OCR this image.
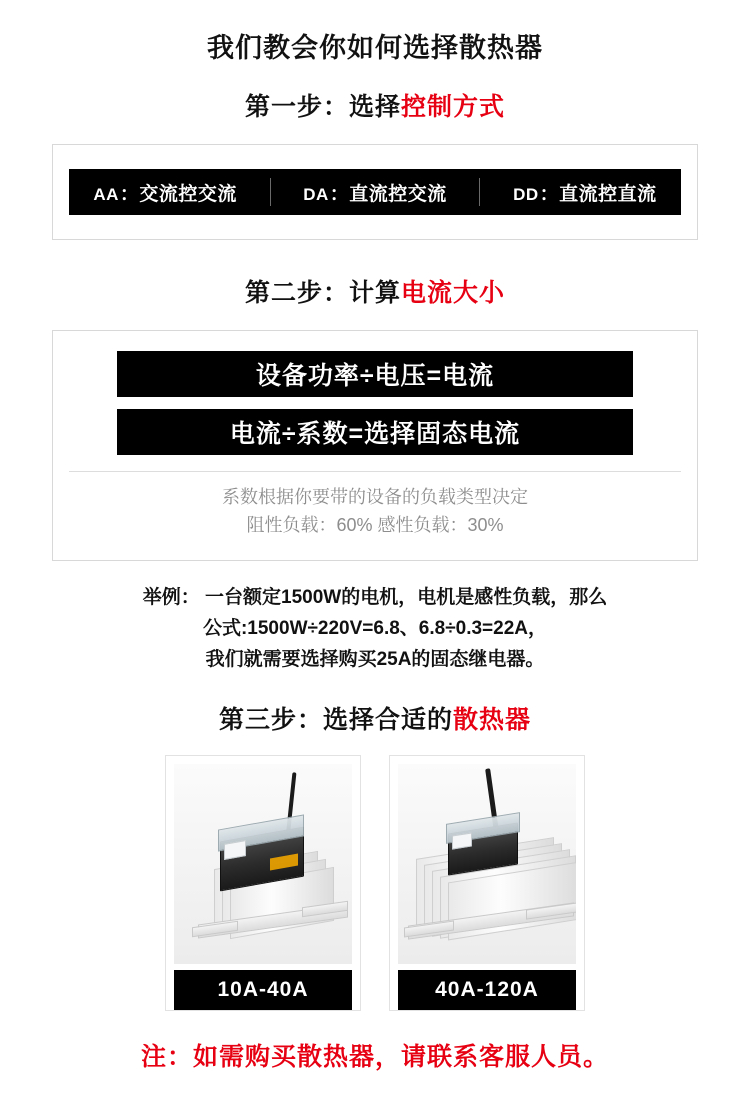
我们教会你如何选择散热器
第一步：选择控制方式
AA ： 交流控交流	DA ： 直流控交流	DD ： 直流控直流
第二步：计算电流大小
设备功率÷电压=电流
电流÷系数=选择固态电流
系数根据你要带的设备的负载类型决定
阻性负载：60% 感性负载：30%
举例： 一台额定1500W的电机，电机是感性负载，那么
公式:1500W÷220V=6.8、6.8÷0.3=22A，
我们就需要选择购买25A的固态继电器。
第三步：选择合适的散热器
10A-40A	40A-120A
注：如需购买散热器，请联系客服人员。
